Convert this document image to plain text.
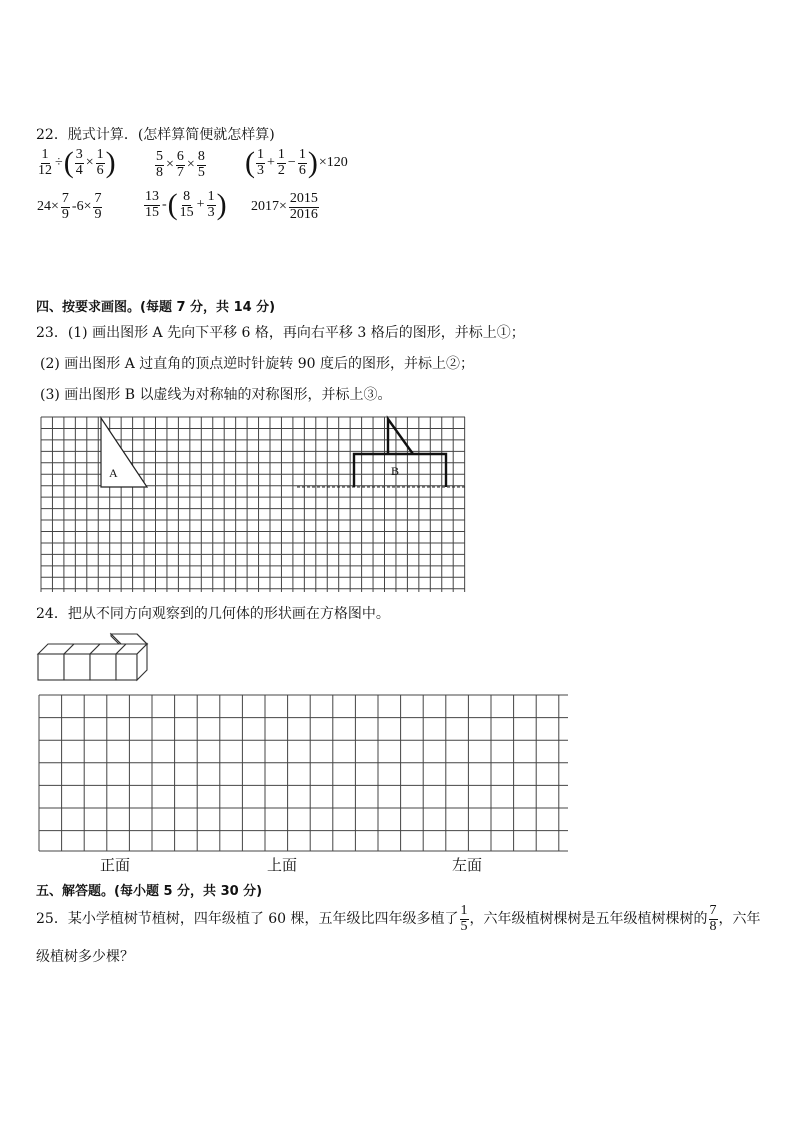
22．脱式计算．(怎样算简便就怎样算)
$\frac{1}{12}$ ÷( $\frac{3}{4} \times \frac{1}{6}$ )	$\frac{5}{8} \times \frac{6}{7} \times \frac{8}{5}$ ( $\frac{1}{3} + \frac{1}{2} - \frac{1}{6} )\times 120$
$24\times \frac{7}{9} -6\times \frac{7}{9}$	$\frac{13}{15}$ -( $\frac{8}{15} + \frac{1}{3}$ ) $2017\times \frac{2015}{2016}$
四、按要求画图。(每题 7 分，共 14 分)
23．(1) 画出图形 A 先向下平移 6 格，再向右平移 3 格后的图形，并标上①；
(2) 画出图形 A 过直角的顶点逆时针旋转 90 度后的图形，并标上②；
(3) 画出图形 B 以虚线为对称轴的对称图形，并标上③。
A	B
24．把从不同方向观察到的几何体的形状画在方格图中。
正面	上面	左面
五、解答题。(每小题 5 分，共 30 分)
25．某小学植树节植树，四年级植了 60 棵，五年级比四年级多植了 $\frac{1}{5}$ ，六年级植树棵树是五年级植树棵树的 $\frac{7}{8}$ ，六年
级植树多少棵？
